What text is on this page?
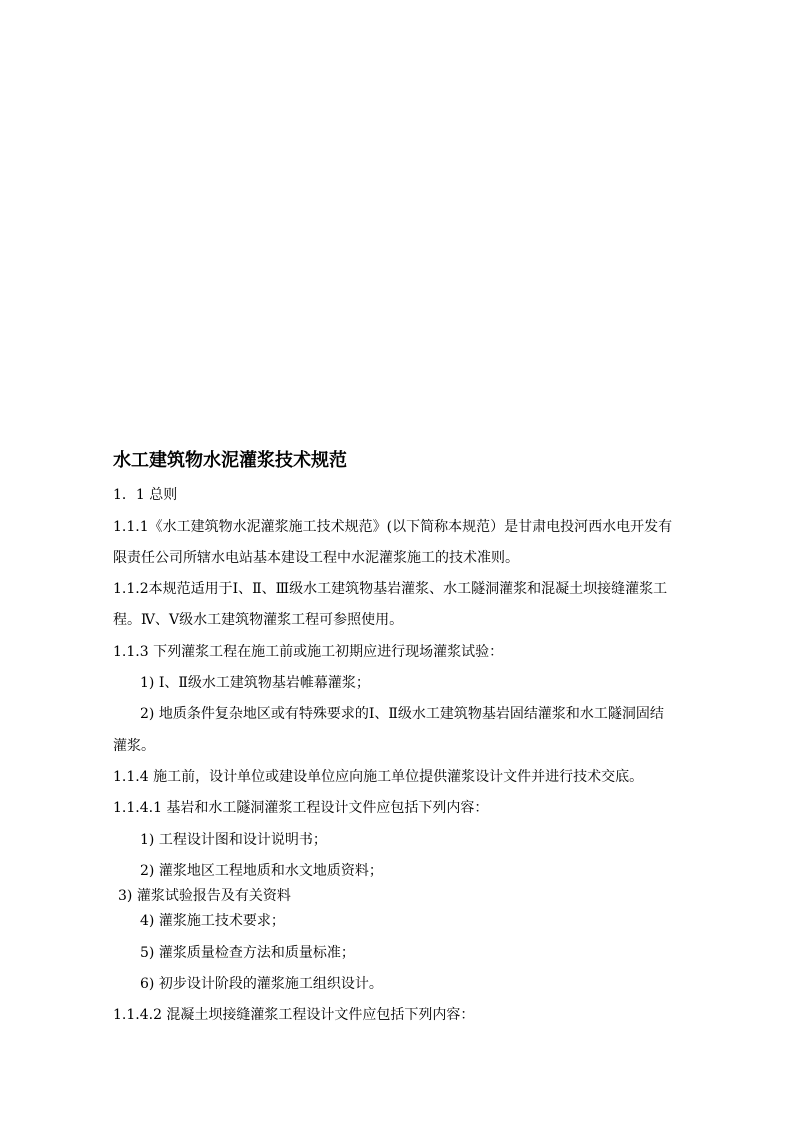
水工建筑物水泥灌浆技术规范
1．1 总则
1.1.1《水工建筑物水泥灌浆施工技术规范》(以下简称本规范）是甘肃电投河西水电开发有
限责任公司所辖水电站基本建设工程中水泥灌浆施工的技术准则。
1.1.2本规范适用于Ⅰ、Ⅱ、Ⅲ级水工建筑物基岩灌浆、水工隧洞灌浆和混凝土坝接缝灌浆工
程。Ⅳ、Ⅴ级水工建筑物灌浆工程可参照使用。
1.1.3 下列灌浆工程在施工前或施工初期应进行现场灌浆试验：
1) Ⅰ、Ⅱ级水工建筑物基岩帷幕灌浆；
2) 地质条件复杂地区或有特殊要求的Ⅰ、Ⅱ级水工建筑物基岩固结灌浆和水工隧洞固结
灌浆。
1.1.4 施工前，设计单位或建设单位应向施工单位提供灌浆设计文件并进行技术交底。
1.1.4.1 基岩和水工隧洞灌浆工程设计文件应包括下列内容：
1) 工程设计图和设计说明书；
2) 灌浆地区工程地质和水文地质资料；
3) 灌浆试验报告及有关资料
4) 灌浆施工技术要求；
5) 灌浆质量检查方法和质量标准；
6) 初步设计阶段的灌浆施工组织设计。
1.1.4.2 混凝土坝接缝灌浆工程设计文件应包括下列内容：
